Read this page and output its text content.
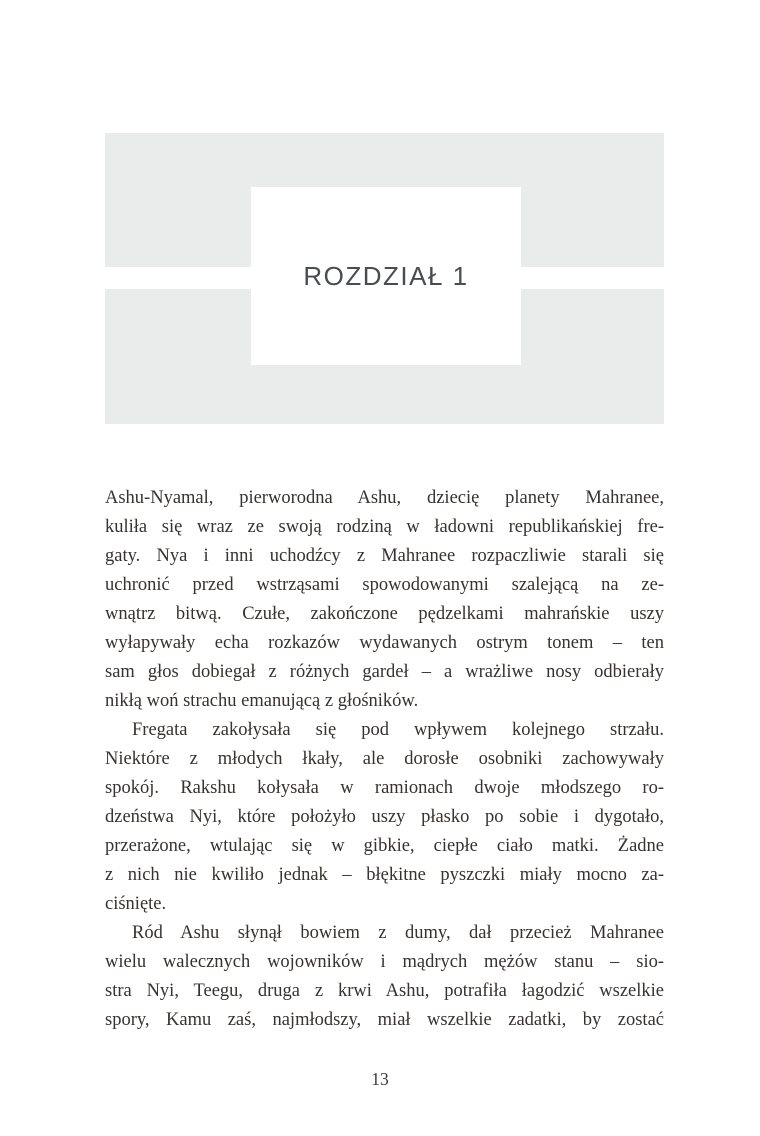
ROZDZIAŁ 1
Ashu-Nyamal, pierworodna Ashu, dziecię planety Mahranee,
kuliła się wraz ze swoją rodziną w ładowni republikańskiej fre-
gaty. Nya i inni uchodźcy z Mahranee rozpaczliwie starali się
uchronić przed wstrząsami spowodowanymi szalejącą na ze-
wnątrz bitwą. Czułe, zakończone pędzelkami mahrańskie uszy
wyłapywały echa rozkazów wydawanych ostrym tonem – ten
sam głos dobiegał z różnych gardeł – a wrażliwe nosy odbierały
nikłą woń strachu emanującą z głośników.
Fregata zakołysała się pod wpływem kolejnego strzału.
Niektóre z młodych łkały, ale dorosłe osobniki zachowywały
spokój. Rakshu kołysała w ramionach dwoje młodszego ro-
dzeństwa Nyi, które położyło uszy płasko po sobie i dygotało,
przerażone, wtulając się w gibkie, ciepłe ciało matki. Żadne
z nich nie kwiliło jednak – błękitne pyszczki miały mocno za-
ciśnięte.
Ród Ashu słynął bowiem z dumy, dał przecież Mahranee
wielu walecznych wojowników i mądrych mężów stanu – sio-
stra Nyi, Teegu, druga z krwi Ashu, potrafiła łagodzić wszelkie
spory, Kamu zaś, najmłodszy, miał wszelkie zadatki, by zostać
13
